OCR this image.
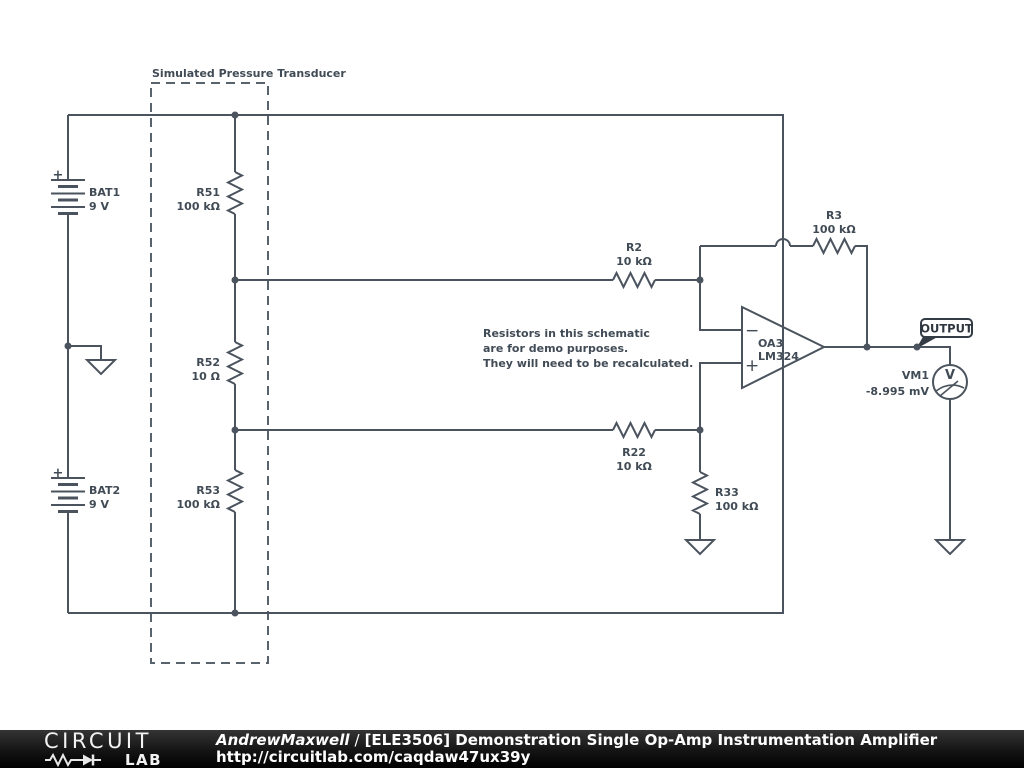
Simulated Pressure Transducer
+
BAT1
9 V
+
BAT2
9 V
R51
100 kΩ
R52
10 Ω
R53
100 kΩ
R2
10 kΩ
R3
100 kΩ
R22
10 kΩ
R33
100 kΩ
−
+
OA3
LM324
OUTPUT
V
VM1
-8.995 mV
Resistors in this schematic
are for demo purposes.
They will need to be recalculated.
CIRCUIT
LAB
AndrewMaxwell / [ELE3506] Demonstration Single Op-Amp Instrumentation Amplifier
http://circuitlab.com/caqdaw47ux39y
